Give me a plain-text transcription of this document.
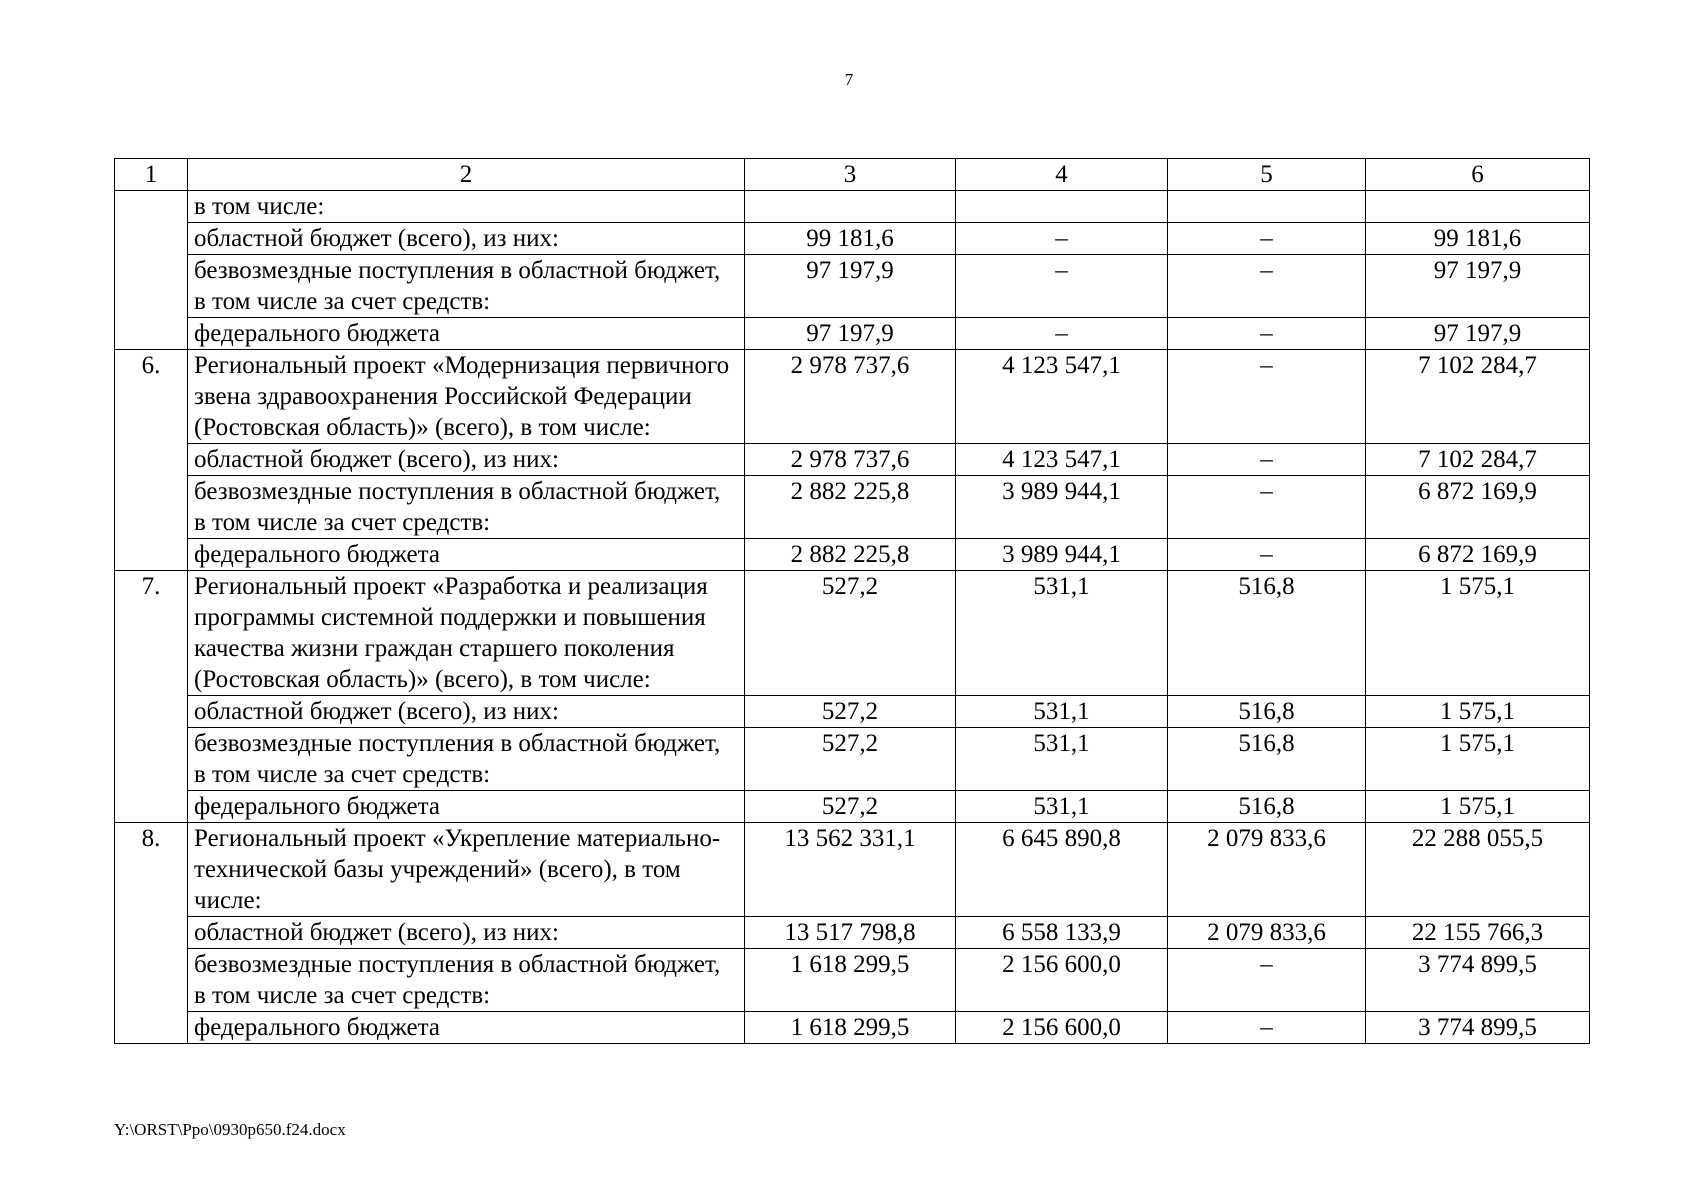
7
1	2	3	4	5	6
	в том числе:				
	областной бюджет (всего), из них:	99 181,6	–	–	99 181,6
	безвозмездные поступления в областной бюджет, в том числе за счет средств:	97 197,9	–	–	97 197,9
	федерального бюджета	97 197,9	–	–	97 197,9
6.	Региональный проект «Модернизация первичного звена здравоохранения Российской Федерации (Ростовская область)» (всего), в том числе:	2 978 737,6	4 123 547,1	–	7 102 284,7
	областной бюджет (всего), из них:	2 978 737,6	4 123 547,1	–	7 102 284,7
	безвозмездные поступления в областной бюджет, в том числе за счет средств:	2 882 225,8	3 989 944,1	–	6 872 169,9
	федерального бюджета	2 882 225,8	3 989 944,1	–	6 872 169,9
7.	Региональный проект «Разработка и реализация программы системной поддержки и повышения качества жизни граждан старшего поколения (Ростовская область)» (всего), в том числе:	527,2	531,1	516,8	1 575,1
	областной бюджет (всего), из них:	527,2	531,1	516,8	1 575,1
	безвозмездные поступления в областной бюджет, в том числе за счет средств:	527,2	531,1	516,8	1 575,1
	федерального бюджета	527,2	531,1	516,8	1 575,1
8.	Региональный проект «Укрепление материально-технической базы учреждений» (всего), в том числе:	13 562 331,1	6 645 890,8	2 079 833,6	22 288 055,5
	областной бюджет (всего), из них:	13 517 798,8	6 558 133,9	2 079 833,6	22 155 766,3
	безвозмездные поступления в областной бюджет, в том числе за счет средств:	1 618 299,5	2 156 600,0	–	3 774 899,5
	федерального бюджета	1 618 299,5	2 156 600,0	–	3 774 899,5
Y:\ORST\Ppo\0930p650.f24.docx
